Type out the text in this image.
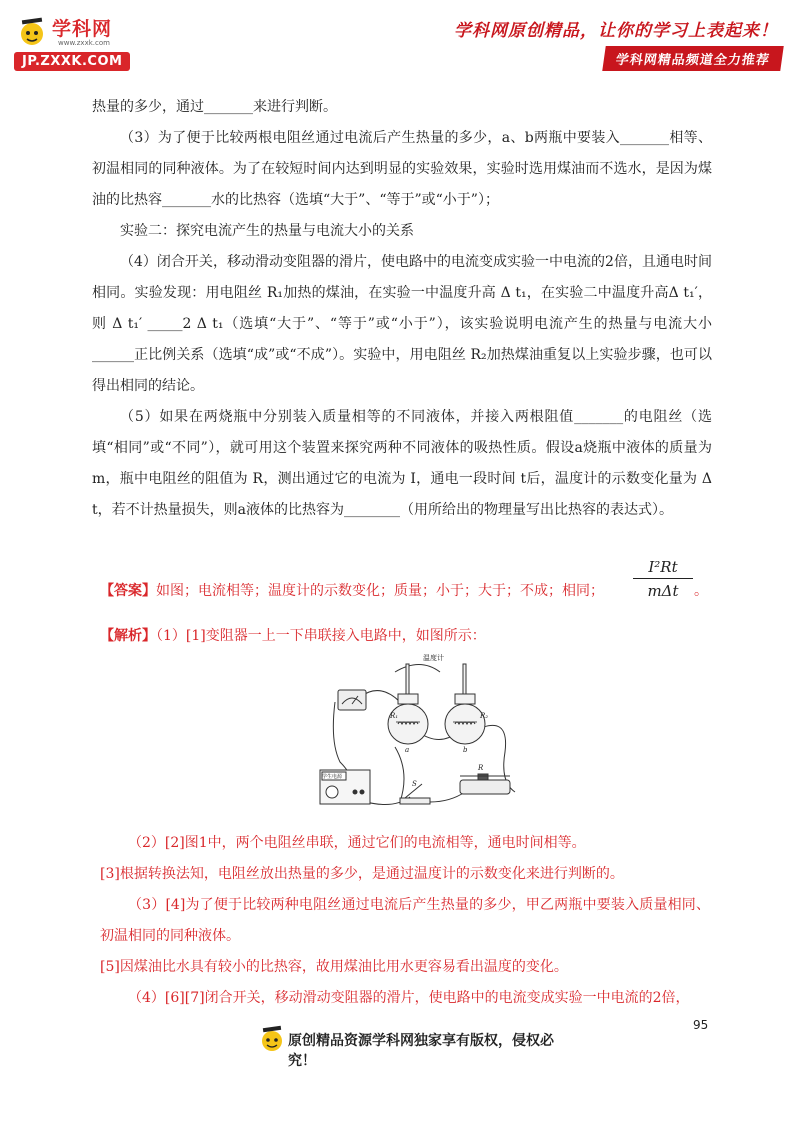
学科网
www.zxxk.com
JP.ZXXK.COM
学科网原创精品，让你的学习上表起来！
学科网精品频道全力推荐

热量的多少，通过_______来进行判断。

（3）为了便于比较两根电阻丝通过电流后产生热量的多少，a、b两瓶中要装入_______相等、初温相同的同种液体。为了在较短时间内达到明显的实验效果，实验时选用煤油而不选水，是因为煤油的比热容_______水的比热容（选填“大于”、“等于”或“小于”）；

实验二：探究电流产生的热量与电流大小的关系

（4）闭合开关，移动滑动变阻器的滑片，使电路中的电流变成实验一中电流的2倍，且通电时间相同。实验发现：用电阻丝 R₁加热的煤油，在实验一中温度升高 Δ t₁，在实验二中温度升高Δ t₁′，则 Δ t₁′ _____2 Δ t₁（选填“大于”、“等于”或“小于”），该实验说明电流产生的热量与电流大小______正比例关系（选填“成”或“不成”）。实验中，用电阻丝 R₂加热煤油重复以上实验步骤，也可以得出相同的结论。

（5）如果在两烧瓶中分别装入质量相等的不同液体，并接入两根阻值_______的电阻丝（选填“相同”或“不同”），就可用这个装置来探究两种不同液体的吸热性质。假设a烧瓶中液体的质量为m，瓶中电阻丝的阻值为 R，测出通过它的电流为 I，通电一段时间 t后，温度计的示数变化量为 Δ t，若不计热量损失，则a液体的比热容为________（用所给出的物理量写出比热容的表达式）。

【答案】如图；电流相等；温度计的示数变化；质量；小于；大于；不成；相同；
I²Rt
mΔt	。
【解析】（1）[1]变阻器一上一下串联接入电路中，如图所示：
温度计
R₁	R₂
a	b
学生电源
S
R

（2）[2]图1中，两个电阻丝串联，通过它们的电流相等，通电时间相等。

[3]根据转换法知，电阻丝放出热量的多少，是通过温度计的示数变化来进行判断的。

（3）[4]为了便于比较两种电阻丝通过电流后产生热量的多少，甲乙两瓶中要装入质量相同、初温相同的同种液体。

[5]因煤油比水具有较小的比热容，故用煤油比用水更容易看出温度的变化。

（4）[6][7]闭合开关，移动滑动变阻器的滑片，使电路中的电流变成实验一中电流的2倍，

95
原创精品资源学科网独家享有版权，侵权必究！
